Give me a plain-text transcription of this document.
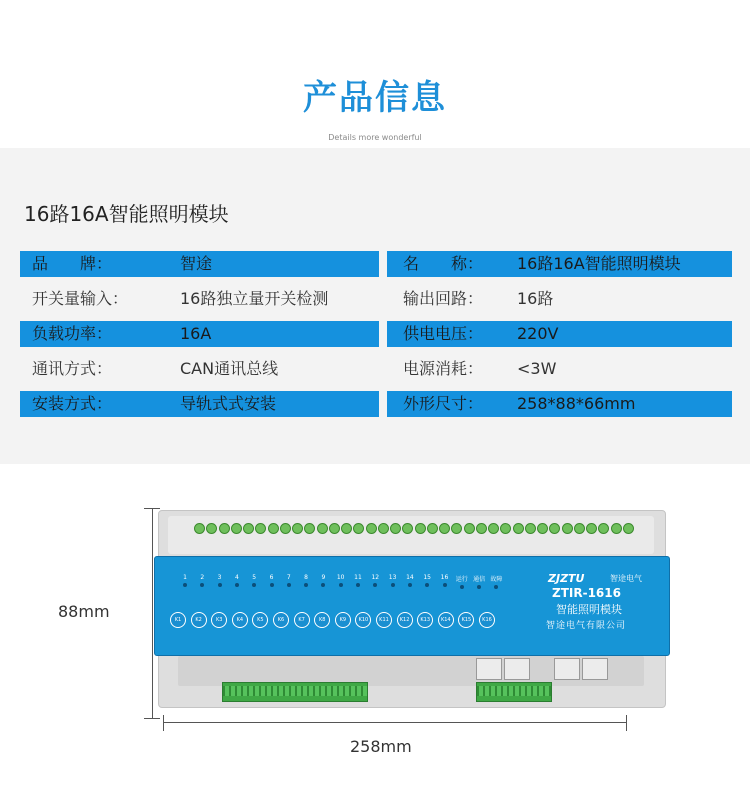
产品信息
Details more wonderful
16路16A智能照明模块
品　　牌：	智途	名　　称： 16路16A智能照明模块
开关量输入：	16路独立量开关检测	输出回路： 16路
负载功率：	16A	供电电压： 220V
通讯方式：	CAN通讯总线	电源消耗： <3W
安装方式：	导轨式式安装	外形尺寸： 258*88*66mm
88mm
258mm
1	2	3	4	5	6	7	8	9	10	11	12	13	14	15	16	运行 通信 故障
K1	K2	K3	K4	K5	K6	K7	K8	K9	K10	K11	K12	K13	K14	K15	K16
ZJZTU	智途电气
ZTIR-1616
智能照明模块
智途电气有限公司
